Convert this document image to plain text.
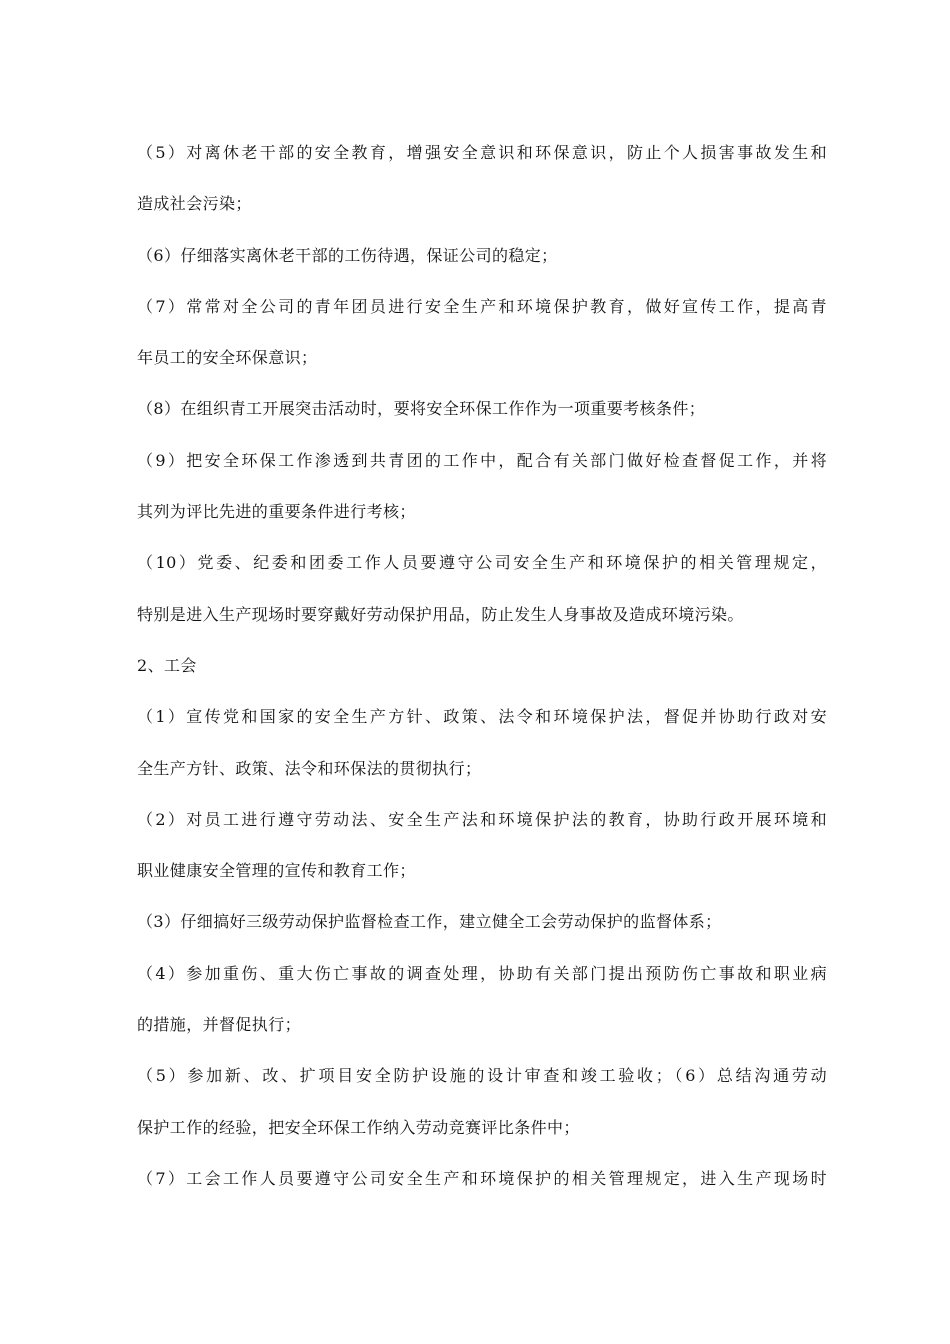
（5）对离休老干部的安全教育，增强安全意识和环保意识，防止个人损害事故发生和
造成社会污染；
（6）仔细落实离休老干部的工伤待遇，保证公司的稳定；
（7）常常对全公司的青年团员进行安全生产和环境保护教育，做好宣传工作，提高青
年员工的安全环保意识；
（8）在组织青工开展突击活动时，要将安全环保工作作为一项重要考核条件；
（9）把安全环保工作渗透到共青团的工作中，配合有关部门做好检查督促工作，并将
其列为评比先进的重要条件进行考核；
（10）党委、纪委和团委工作人员要遵守公司安全生产和环境保护的相关管理规定，
特别是进入生产现场时要穿戴好劳动保护用品，防止发生人身事故及造成环境污染。
2、工会
（1）宣传党和国家的安全生产方针、政策、法令和环境保护法，督促并协助行政对安
全生产方针、政策、法令和环保法的贯彻执行；
（2）对员工进行遵守劳动法、安全生产法和环境保护法的教育，协助行政开展环境和
职业健康安全管理的宣传和教育工作；
（3）仔细搞好三级劳动保护监督检查工作，建立健全工会劳动保护的监督体系；
（4）参加重伤、重大伤亡事故的调查处理，协助有关部门提出预防伤亡事故和职业病
的措施，并督促执行；
（5）参加新、改、扩项目安全防护设施的设计审查和竣工验收；（6）总结沟通劳动
保护工作的经验，把安全环保工作纳入劳动竞赛评比条件中；
（7）工会工作人员要遵守公司安全生产和环境保护的相关管理规定，进入生产现场时
